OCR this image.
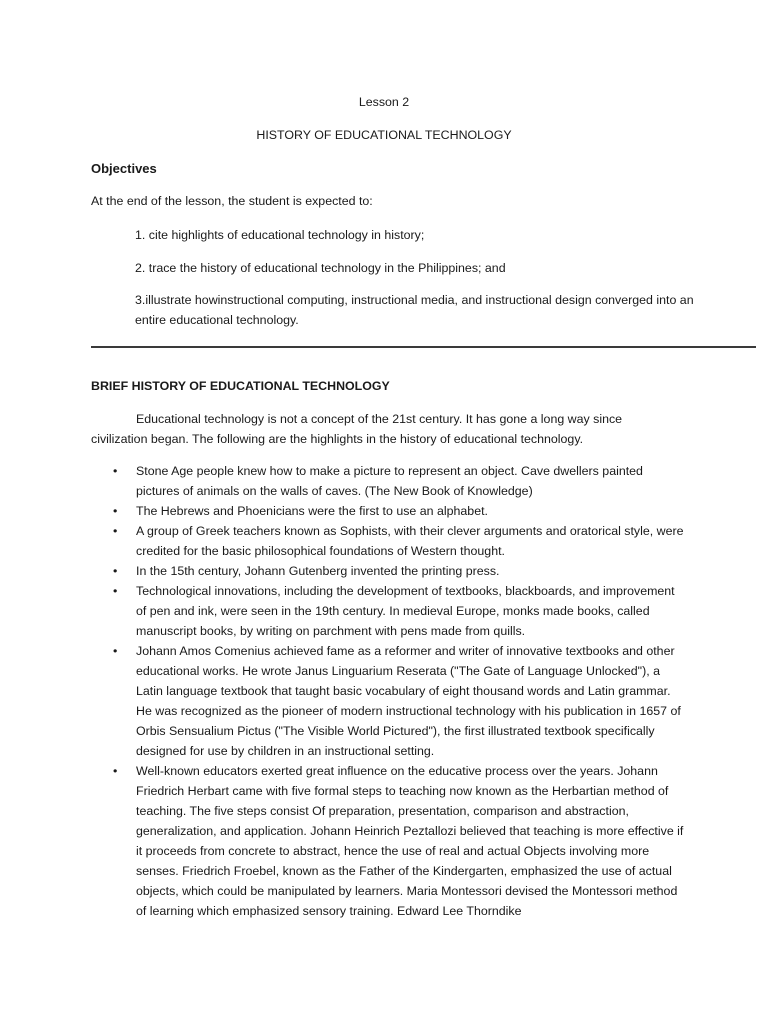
Lesson 2
HISTORY OF EDUCATIONAL TECHNOLOGY
Objectives
At the end of the lesson, the student is expected to:
1. cite highlights of educational technology in history;
2. trace the history of educational technology in the Philippines; and
3.illustrate howinstructional computing, instructional media, and instructional design converged into an entire educational technology.
BRIEF HISTORY OF EDUCATIONAL TECHNOLOGY
Educational technology is not a concept of the 21st century. It has gone a long way since civilization began. The following are the highlights in the history of educational technology.
• Stone Age people knew how to make a picture to represent an object. Cave dwellers painted pictures of animals on the walls of caves. (The New Book of Knowledge)
• The Hebrews and Phoenicians were the first to use an alphabet.
• A group of Greek teachers known as Sophists, with their clever arguments and oratorical style, were credited for the basic philosophical foundations of Western thought.
• In the 15th century, Johann Gutenberg invented the printing press.
• Technological innovations, including the development of textbooks, blackboards, and improvement of pen and ink, were seen in the 19th century. In medieval Europe, monks made books, called manuscript books, by writing on parchment with pens made from quills.
• Johann Amos Comenius achieved fame as a reformer and writer of innovative textbooks and other educational works. He wrote Janus Linguarium Reserata ("The Gate of Language Unlocked"), a Latin language textbook that taught basic vocabulary of eight thousand words and Latin grammar. He was recognized as the pioneer of modern instructional technology with his publication in 1657 of Orbis Sensualium Pictus ("The Visible World Pictured"), the first illustrated textbook specifically designed for use by children in an instructional setting.
• Well-known educators exerted great influence on the educative process over the years. Johann Friedrich Herbart came with five formal steps to teaching now known as the Herbartian method of teaching. The five steps consist Of preparation, presentation, comparison and abstraction, generalization, and application. Johann Heinrich Peztallozi believed that teaching is more effective if it proceeds from concrete to abstract, hence the use of real and actual Objects involving more senses. Friedrich Froebel, known as the Father of the Kindergarten, emphasized the use of actual objects, which could be manipulated by learners. Maria Montessori devised the Montessori method of learning which emphasized sensory training. Edward Lee Thorndike
